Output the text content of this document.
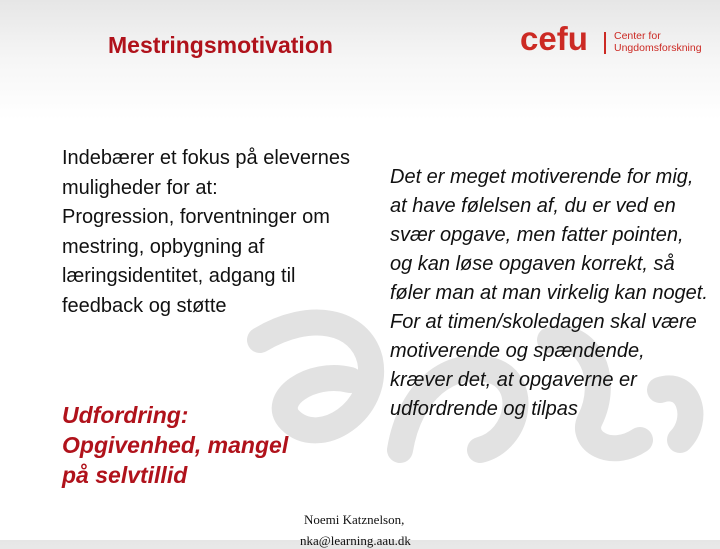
Mestringsmotivation	cefu Center for
Ungdomsforskning

Indebærer et fokus på elevernes muligheder for at:

Progression, forventninger om mestring, opbygning af læringsidentitet, adgang til feedback og støtte

Udfordring:

Opgivenhed, mangel

på selvtillid

Det er meget motiverende for mig, at have følelsen af, du er ved en svær opgave, men fatter pointen, og kan løse opgaven korrekt, så føler man at man virkelig kan noget. For at timen/skoledagen skal være motiverende og spændende, kræver det, at opgaverne er udfordrende og tilpas

Noemi Katznelson,
nka@learning.aau.dk
